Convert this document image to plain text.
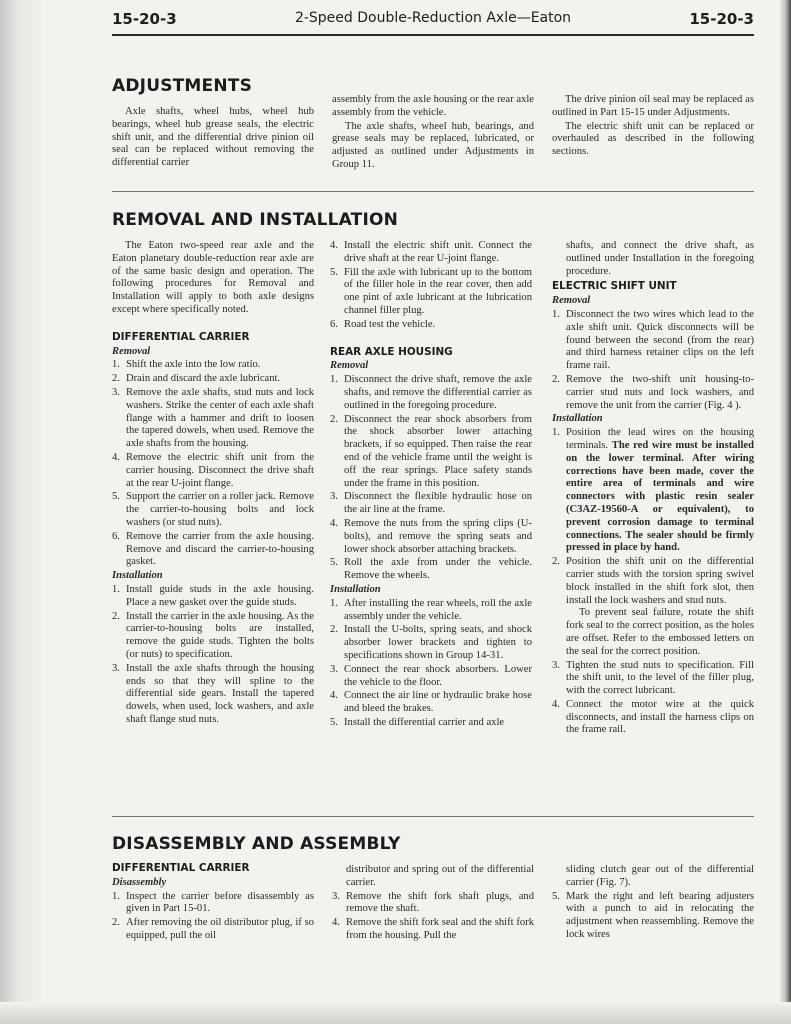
15-20-3	2-Speed Double-Reduction Axle—Eaton	15-20-3
ADJUSTMENTS

Axle shafts, wheel hubs, wheel hub bearings, wheel hub grease seals, the electric shift unit, and the differential drive pinion oil seal can be replaced without removing the differential carrier

assembly from the axle housing or the rear axle assembly from the vehicle.

The axle shafts, wheel hub, bearings, and grease seals may be replaced, lubricated, or adjusted as outlined under Adjustments in Group 11.

The drive pinion oil seal may be replaced as outlined in Part 15-15 under Adjustments.

The electric shift unit can be replaced or overhauled as described in the following sections.

REMOVAL AND INSTALLATION

The Eaton two-speed rear axle and the Eaton planetary double-reduction rear axle are of the same basic design and operation. The following procedures for Removal and Installation will apply to both axle designs except where specifically noted.

DIFFERENTIAL CARRIER
Removal
1. Shift the axle into the low ratio.
2. Drain and discard the axle lubricant.
3. Remove the axle shafts, stud nuts and lock washers. Strike the center of each axle shaft flange with a hammer and drift to loosen the tapered dowels, when used. Remove the axle shafts from the housing.
4. Remove the electric shift unit from the carrier housing. Disconnect the drive shaft at the rear U-joint flange.
5. Support the carrier on a roller jack. Remove the carrier-to-housing bolts and lock washers (or stud nuts).
6. Remove the carrier from the axle housing. Remove and discard the carrier-to-housing gasket.
Installation
1. Install guide studs in the axle housing. Place a new gasket over the guide studs.
2. Install the carrier in the axle housing. As the carrier-to-housing bolts are installed, remove the guide studs. Tighten the bolts (or nuts) to specification.
3. Install the axle shafts through the housing ends so that they will spline to the differential side gears. Install the tapered dowels, when used, lock washers, and axle shaft flange stud nuts.
4. Install the electric shift unit. Connect the drive shaft at the rear U-joint flange.
5. Fill the axle with lubricant up to the bottom of the filler hole in the rear cover, then add one pint of axle lubricant at the lubrication channel filler plug.
6. Road test the vehicle.
REAR AXLE HOUSING
Removal
1. Disconnect the drive shaft, remove the axle shafts, and remove the differential carrier as outlined in the foregoing procedure.
2. Disconnect the rear shock absorbers from the shock absorber lower attaching brackets, if so equipped. Then raise the rear end of the vehicle frame until the weight is off the rear springs. Place safety stands under the frame in this position.
3. Disconnect the flexible hydraulic hose on the air line at the frame.
4. Remove the nuts from the spring clips (U-bolts), and remove the spring seats and lower shock absorber attaching brackets.
5. Roll the axle from under the vehicle. Remove the wheels.
Installation
1. After installing the rear wheels, roll the axle assembly under the vehicle.
2. Install the U-bolts, spring seats, and shock absorber lower brackets and tighten to specifications shown in Group 14-31.
3. Connect the rear shock absorbers. Lower the vehicle to the floor.
4. Connect the air line or hydraulic brake hose and bleed the brakes.
5. Install the differential carrier and axle

shafts, and connect the drive shaft, as outlined under Installation in the foregoing procedure.

ELECTRIC SHIFT UNIT
Removal
1. Disconnect the two wires which lead to the axle shift unit. Quick disconnects will be found between the second (from the rear) and third harness retainer clips on the left frame rail.
2. Remove the two-shift unit housing-to-carrier stud nuts and lock washers, and remove the unit from the carrier (Fig. 4 ).
Installation
1. Position the lead wires on the housing terminals. The red wire must be installed on the lower terminal. After wiring corrections have been made, cover the entire area of terminals and wire connectors with plastic resin sealer (C3AZ-19560-A or equivalent), to prevent corrosion damage to terminal connections. The sealer should be firmly pressed in place by hand.
2. Position the shift unit on the differential carrier studs with the torsion spring swivel block installed in the shift fork slot, then install the lock washers and stud nuts.
To prevent seal failure, rotate the shift fork seal to the correct position, as the holes are offset. Refer to the embossed letters on the seal for the correct position.
3. Tighten the stud nuts to specification. Fill the shift unit, to the level of the filler plug, with the correct lubricant.
4. Connect the motor wire at the quick disconnects, and install the harness clips on the frame rail.
DISASSEMBLY AND ASSEMBLY
DIFFERENTIAL CARRIER
Disassembly
1. Inspect the carrier before disassembly as given in Part 15-01.
2. After removing the oil distributor plug, if so equipped, pull the oil

distributor and spring out of the differential carrier.

3. Remove the shift fork shaft plugs, and remove the shaft.
4. Remove the shift fork seal and the shift fork from the housing. Pull the

sliding clutch gear out of the differential carrier (Fig. 7).

5. Mark the right and left bearing adjusters with a punch to aid in relocating the adjustment when reassembling. Remove the lock wires
